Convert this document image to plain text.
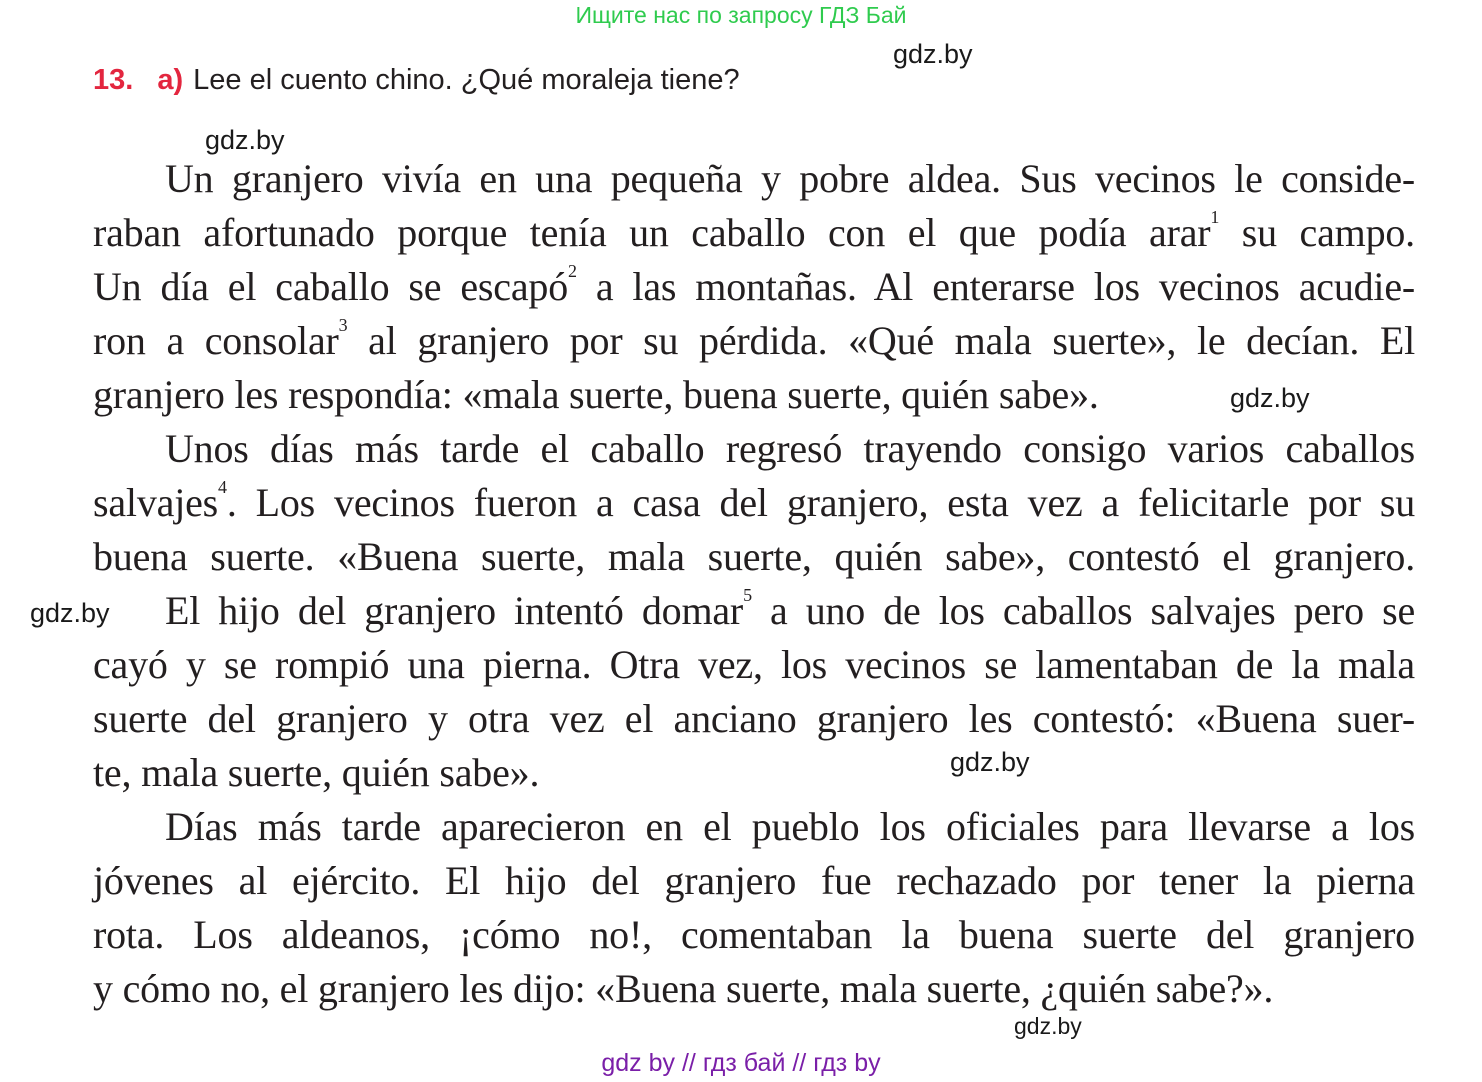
Ищите нас по запросу ГДЗ Бай
gdz.by
gdz.by
gdz.by
gdz.by
gdz.by
gdz.by
13. a) Lee el cuento chino. ¿Qué moraleja tiene?
Un granjero vivía en una pequeña y pobre aldea. Sus vecinos le conside-
raban afortunado porque tenía un caballo con el que podía arar$^1$ su campo.
Un día el caballo se escapó$^2$ a las montañas. Al enterarse los vecinos acudie-
ron a consolar$^3$ al granjero por su pérdida. «Qué mala suerte», le decían. El
granjero les respondía: «mala suerte, buena suerte, quién sabe».
Unos días más tarde el caballo regresó trayendo consigo varios caballos
salvajes$^4$. Los vecinos fueron a casa del granjero, esta vez a felicitarle por su
buena suerte. «Buena suerte, mala suerte, quién sabe», contestó el granjero.
El hijo del granjero intentó domar$^5$ a uno de los caballos salvajes pero se
cayó y se rompió una pierna. Otra vez, los vecinos se lamentaban de la mala
suerte del granjero y otra vez el anciano granjero les contestó: «Buena suer-
te, mala suerte, quién sabe».
Días más tarde aparecieron en el pueblo los oficiales para llevarse a los
jóvenes al ejército. El hijo del granjero fue rechazado por tener la pierna
rota. Los aldeanos, ¡cómo no!, comentaban la buena suerte del granjero
y cómo no, el granjero les dijo: «Buena suerte, mala suerte, ¿quién sabe?».
gdz by // гдз бай // гдз by
